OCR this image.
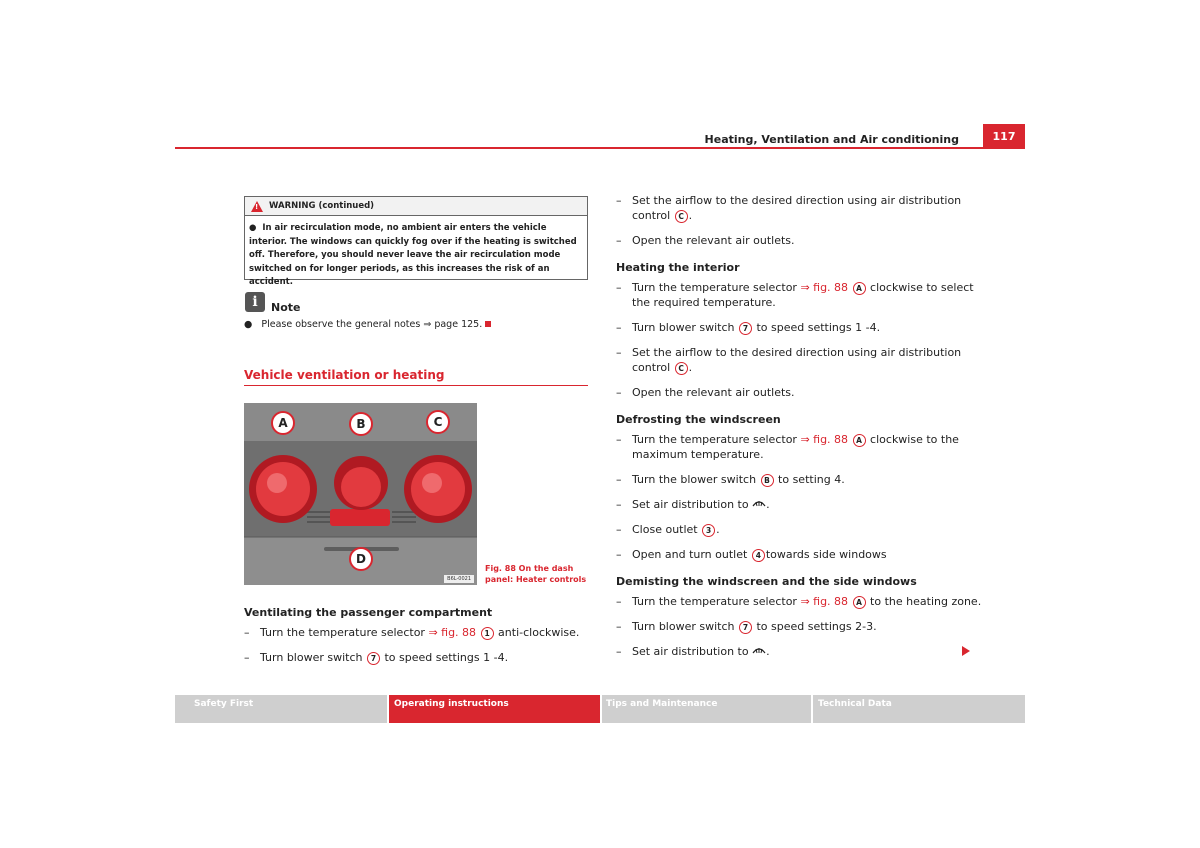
Heating, Ventilation and Air conditioning	117
! WARNING (continued)
●  In air recirculation mode, no ambient air enters the vehicle interior. The windows can quickly fog over if the heating is switched off. Therefore, you should never leave the air recirculation mode switched on for longer periods, as this increases the risk of an accident.
i	Note
●   Please observe the general notes ⇒ page 125.
Vehicle ventilation or heating
A	B	C
D
B6L-0021
Fig. 88 On the dash
panel: Heater controls
Ventilating the passenger compartment
– Turn the temperature selector ⇒ fig. 88 1 anti-clockwise.
– Turn blower switch 7 to speed settings 1 -4.
– Set the airflow to the desired direction using air distribution
control C .
– Open the relevant air outlets.
Heating the interior
– Turn the temperature selector ⇒ fig. 88 A clockwise to select
the required temperature.
– Turn blower switch 7 to speed settings 1 -4.
– Set the airflow to the desired direction using air distribution
control C .
– Open the relevant air outlets.
Defrosting the windscreen
– Turn the temperature selector ⇒ fig. 88 A clockwise to the
maximum temperature.
– Turn the blower switch B to setting 4.
– Set air distribution to .
– Close outlet 3 .
– Open and turn outlet 4 towards side windows
Demisting the windscreen and the side windows
– Turn the temperature selector ⇒ fig. 88 A to the heating zone.
– Turn blower switch 7 to speed settings 2-3.
– Set air distribution to .
Safety First	Operating instructions	Tips and Maintenance	Technical Data
